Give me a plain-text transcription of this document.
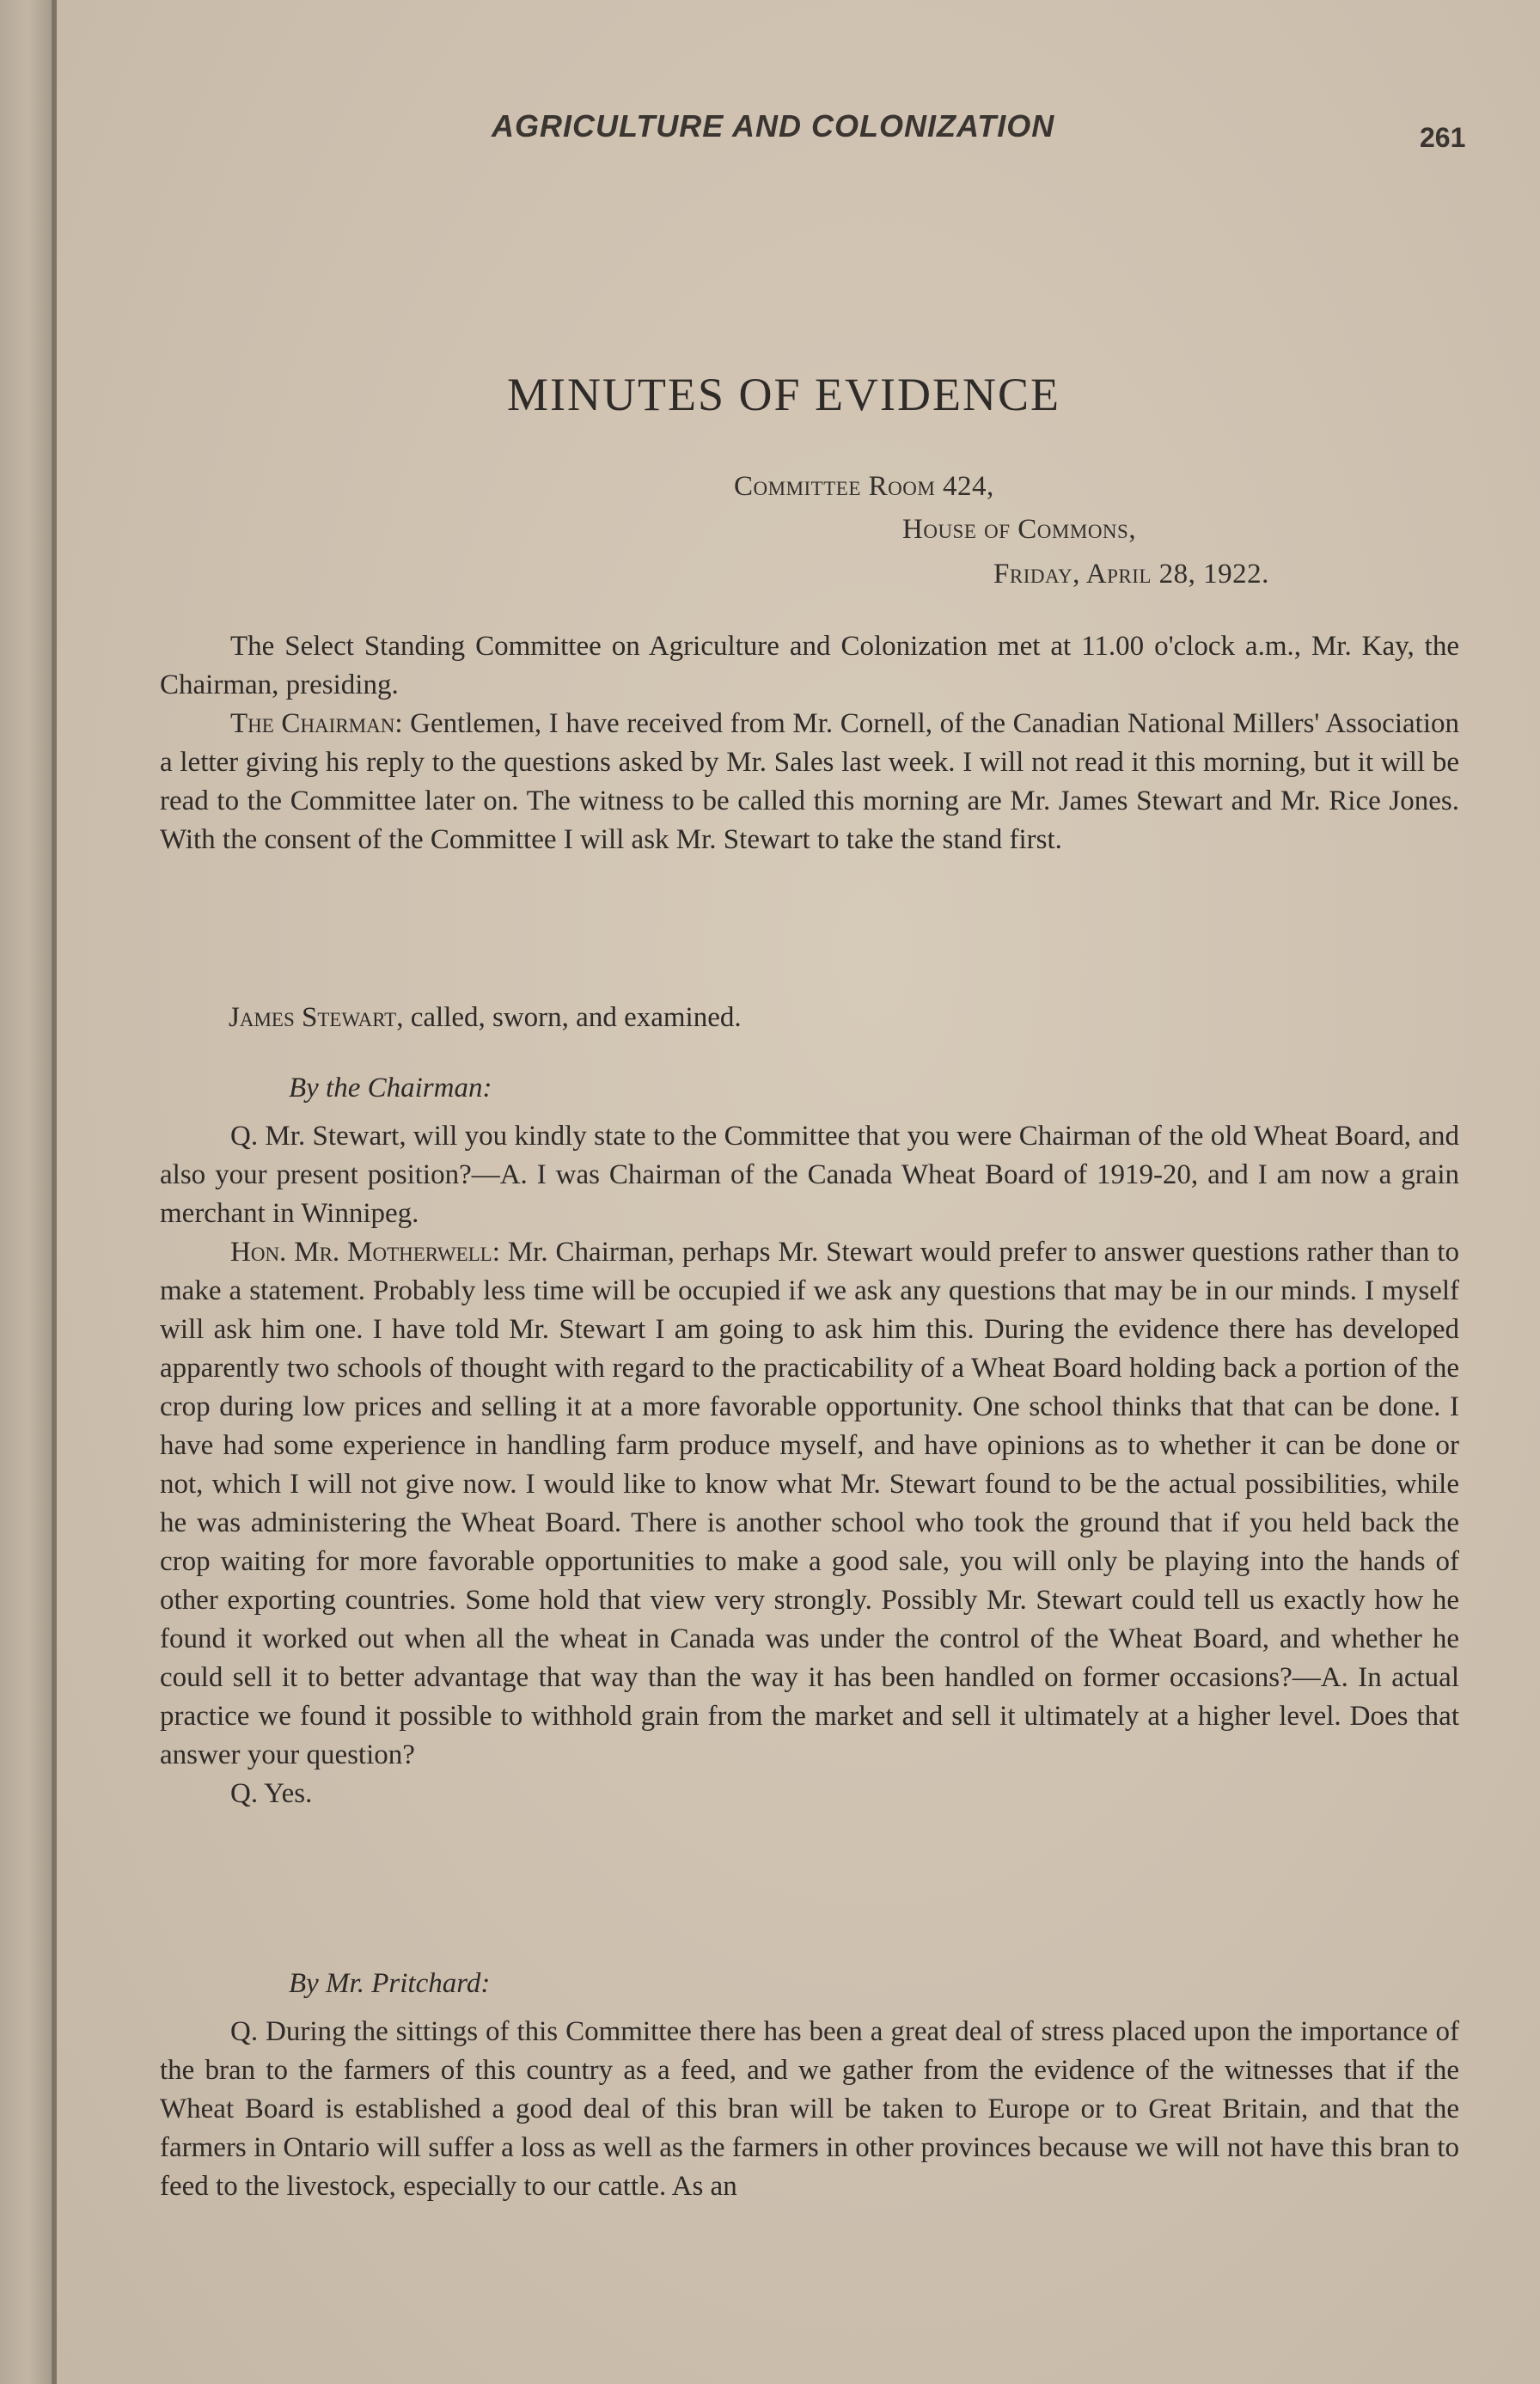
AGRICULTURE AND COLONIZATION	261
MINUTES OF EVIDENCE
Committee Room 424,
House of Commons,
Friday, April 28, 1922.

The Select Standing Committee on Agriculture and Colonization met at 11.00 o'clock a.m., Mr. Kay, the Chairman, presiding.

The Chairman: Gentlemen, I have received from Mr. Cornell, of the Canadian National Millers' Association a letter giving his reply to the questions asked by Mr. Sales last week. I will not read it this morning, but it will be read to the Committee later on. The witness to be called this morning are Mr. James Stewart and Mr. Rice Jones. With the consent of the Committee I will ask Mr. Stewart to take the stand first.

James Stewart, called, sworn, and examined.
By the Chairman:

Q. Mr. Stewart, will you kindly state to the Committee that you were Chairman of the old Wheat Board, and also your present position?—A. I was Chairman of the Canada Wheat Board of 1919-20, and I am now a grain merchant in Winnipeg.

Hon. Mr. Motherwell: Mr. Chairman, perhaps Mr. Stewart would prefer to answer questions rather than to make a statement. Probably less time will be occupied if we ask any questions that may be in our minds. I myself will ask him one. I have told Mr. Stewart I am going to ask him this. During the evidence there has developed apparently two schools of thought with regard to the practicability of a Wheat Board holding back a portion of the crop during low prices and selling it at a more favorable opportunity. One school thinks that that can be done. I have had some experience in handling farm produce myself, and have opinions as to whether it can be done or not, which I will not give now. I would like to know what Mr. Stewart found to be the actual possibilities, while he was administering the Wheat Board. There is another school who took the ground that if you held back the crop waiting for more favorable opportunities to make a good sale, you will only be playing into the hands of other exporting countries. Some hold that view very strongly. Possibly Mr. Stewart could tell us exactly how he found it worked out when all the wheat in Canada was under the control of the Wheat Board, and whether he could sell it to better advantage that way than the way it has been handled on former occasions?—A. In actual practice we found it possible to withhold grain from the market and sell it ultimately at a higher level. Does that answer your question?

Q. Yes.

By Mr. Pritchard:

Q. During the sittings of this Committee there has been a great deal of stress placed upon the importance of the bran to the farmers of this country as a feed, and we gather from the evidence of the witnesses that if the Wheat Board is established a good deal of this bran will be taken to Europe or to Great Britain, and that the farmers in Ontario will suffer a loss as well as the farmers in other provinces because we will not have this bran to feed to the livestock, especially to our cattle. As an
